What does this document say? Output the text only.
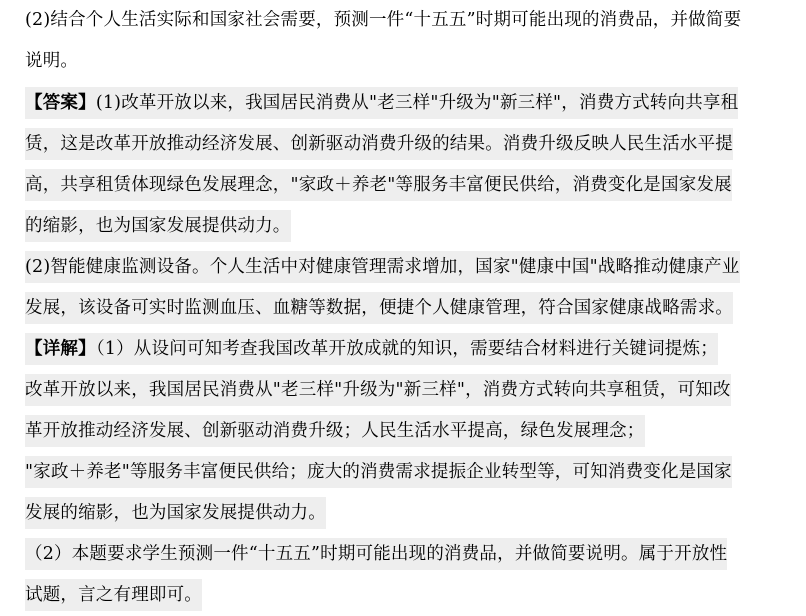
(2)结合个人生活实际和国家社会需要，预测一件“十五五”时期可能出现的消费品，并做简要
说明。
【答案】(1)改革开放以来，我国居民消费从"老三样"升级为"新三样"，消费方式转向共享租
赁，这是改革开放推动经济发展、创新驱动消费升级的结果。消费升级反映人民生活水平提
高，共享租赁体现绿色发展理念，"家政＋养老"等服务丰富便民供给，消费变化是国家发展
的缩影，也为国家发展提供动力。
(2)智能健康监测设备。个人生活中对健康管理需求增加，国家"健康中国"战略推动健康产业
发展，该设备可实时监测血压、血糖等数据，便捷个人健康管理，符合国家健康战略需求。
【详解】（1）从设问可知考查我国改革开放成就的知识，需要结合材料进行关键词提炼；
改革开放以来，我国居民消费从"老三样"升级为"新三样"，消费方式转向共享租赁，可知改
革开放推动经济发展、创新驱动消费升级；人民生活水平提高，绿色发展理念；
"家政＋养老"等服务丰富便民供给；庞大的消费需求提振企业转型等，可知消费变化是国家
发展的缩影，也为国家发展提供动力。
（2）本题要求学生预测一件“十五五”时期可能出现的消费品，并做简要说明。属于开放性
试题，言之有理即可。
